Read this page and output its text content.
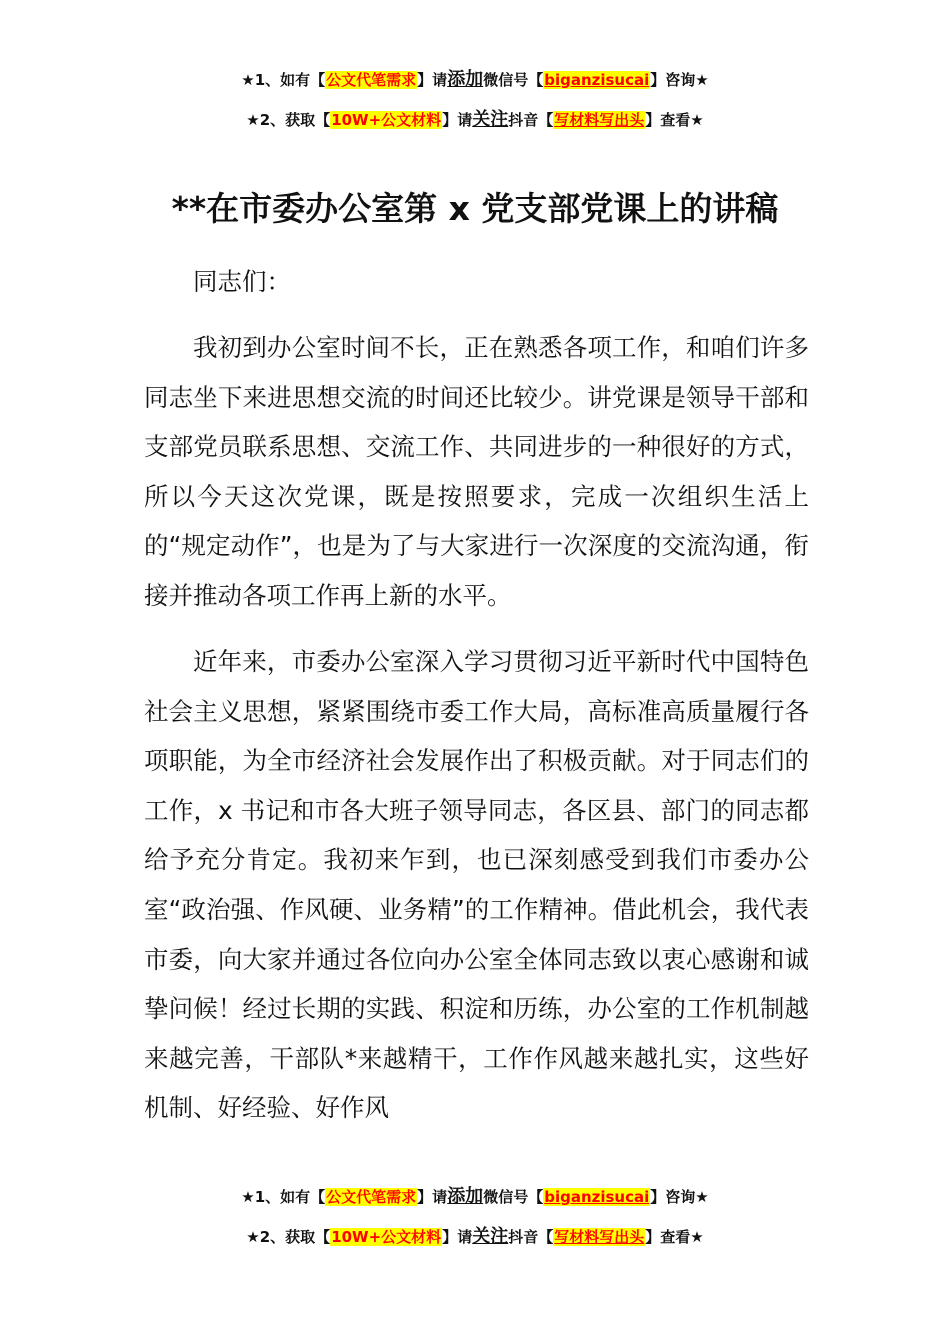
★1、如有【公文代笔需求】请添加微信号【biganzisucai】咨询★
★2、获取【10W+公文材料】请关注抖音【写材料写出头】查看★
**在市委办公室第 x 党支部党课上的讲稿

同志们：

我初到办公室时间不长，正在熟悉各项工作，和咱们许多同志坐下来进思想交流的时间还比较少。讲党课是领导干部和支部党员联系思想、交流工作、共同进步的一种很好的方式，所以今天这次党课，既是按照要求，完成一次组织生活上的“规定动作”，也是为了与大家进行一次深度的交流沟通，衔接并推动各项工作再上新的水平。

近年来，市委办公室深入学习贯彻习近平新时代中国特色社会主义思想，紧紧围绕市委工作大局，高标准高质量履行各项职能，为全市经济社会发展作出了积极贡献。对于同志们的工作，x 书记和市各大班子领导同志，各区县、部门的同志都给予充分肯定。我初来乍到，也已深刻感受到我们市委办公室“政治强、作风硬、业务精”的工作精神。借此机会，我代表市委，向大家并通过各位向办公室全体同志致以衷心感谢和诚挚问候！经过长期的实践、积淀和历练，办公室的工作机制越来越完善，干部队*来越精干，工作作风越来越扎实，这些好机制、好经验、好作风

★1、如有【公文代笔需求】请添加微信号【biganzisucai】咨询★
★2、获取【10W+公文材料】请关注抖音【写材料写出头】查看★
